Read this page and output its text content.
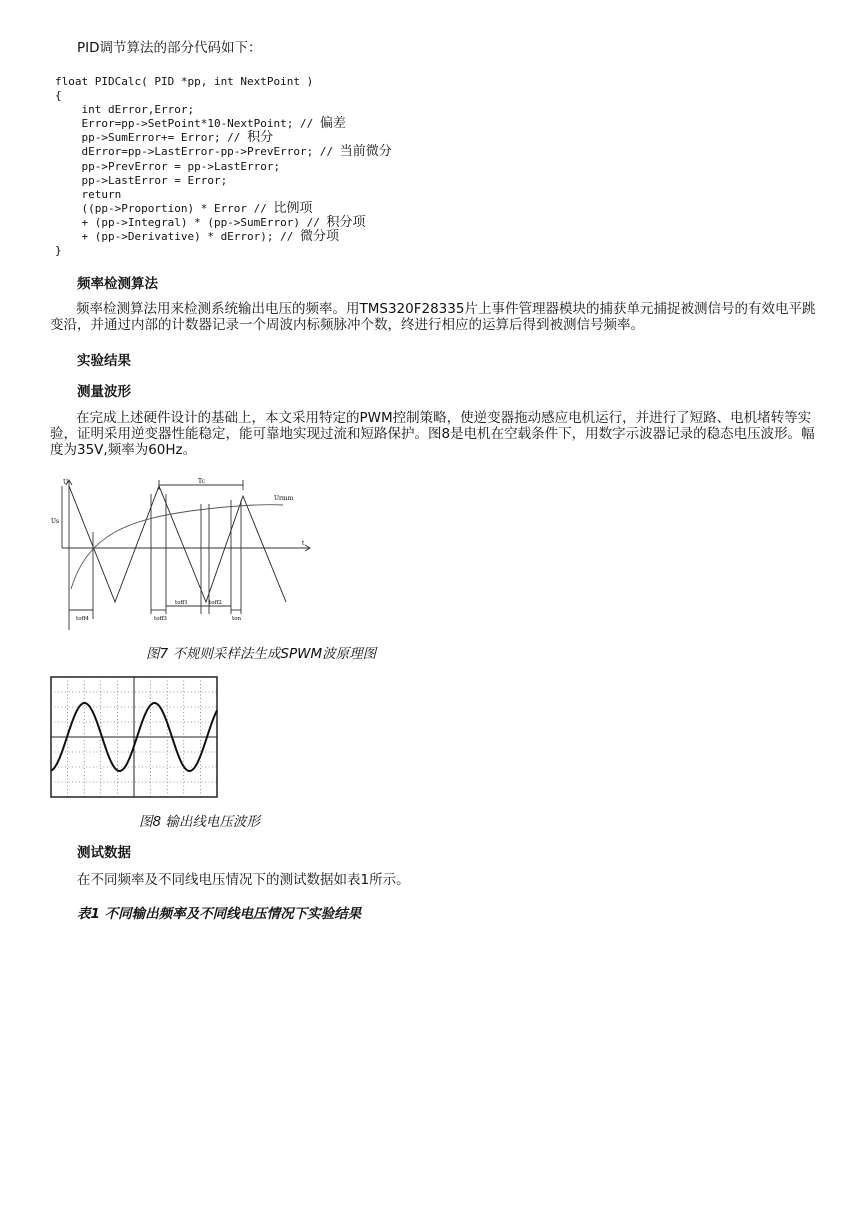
PID调节算法的部分代码如下：
float PIDCalc( PID *pp, int NextPoint )
{
int dError,Error;
Error=pp->SetPoint*10-NextPoint; // 偏差
pp->SumError+= Error; // 积分
dError=pp->LastError-pp->PrevError; // 当前微分
pp->PrevError = pp->LastError;
pp->LastError = Error;
return
((pp->Proportion) * Error // 比例项
+ (pp->Integral) * (pp->SumError) // 积分项
+ (pp->Derivative) * dError); // 微分项
}
频率检测算法
频率检测算法用来检测系统输出电压的频率。用TMS320F28335片上事件管理器模块的捕获单元捕捉被测信号的有效电平跳变沿，并通过内部的计数器记录一个周波内标频脉冲个数，终进行相应的运算后得到被测信号频率。
实验结果
测量波形
在完成上述硬件设计的基础上，本文采用特定的PWM控制策略，使逆变器拖动感应电机运行，并进行了短路、电机堵转等实验，证明采用逆变器性能稳定，能可靠地实现过流和短路保护。图8是电机在空载条件下，用数字示波器记录的稳态电压波形。幅度为35V,频率为60Hz。
U
t
Us
Tc
Urmm
toff1	toff2
toff4	toff3	ton
图7 不规则采样法生成SPWM波原理图
图8 输出线电压波形
测试数据
在不同频率及不同线电压情况下的测试数据如表1所示。
表1 不同输出频率及不同线电压情况下实验结果
